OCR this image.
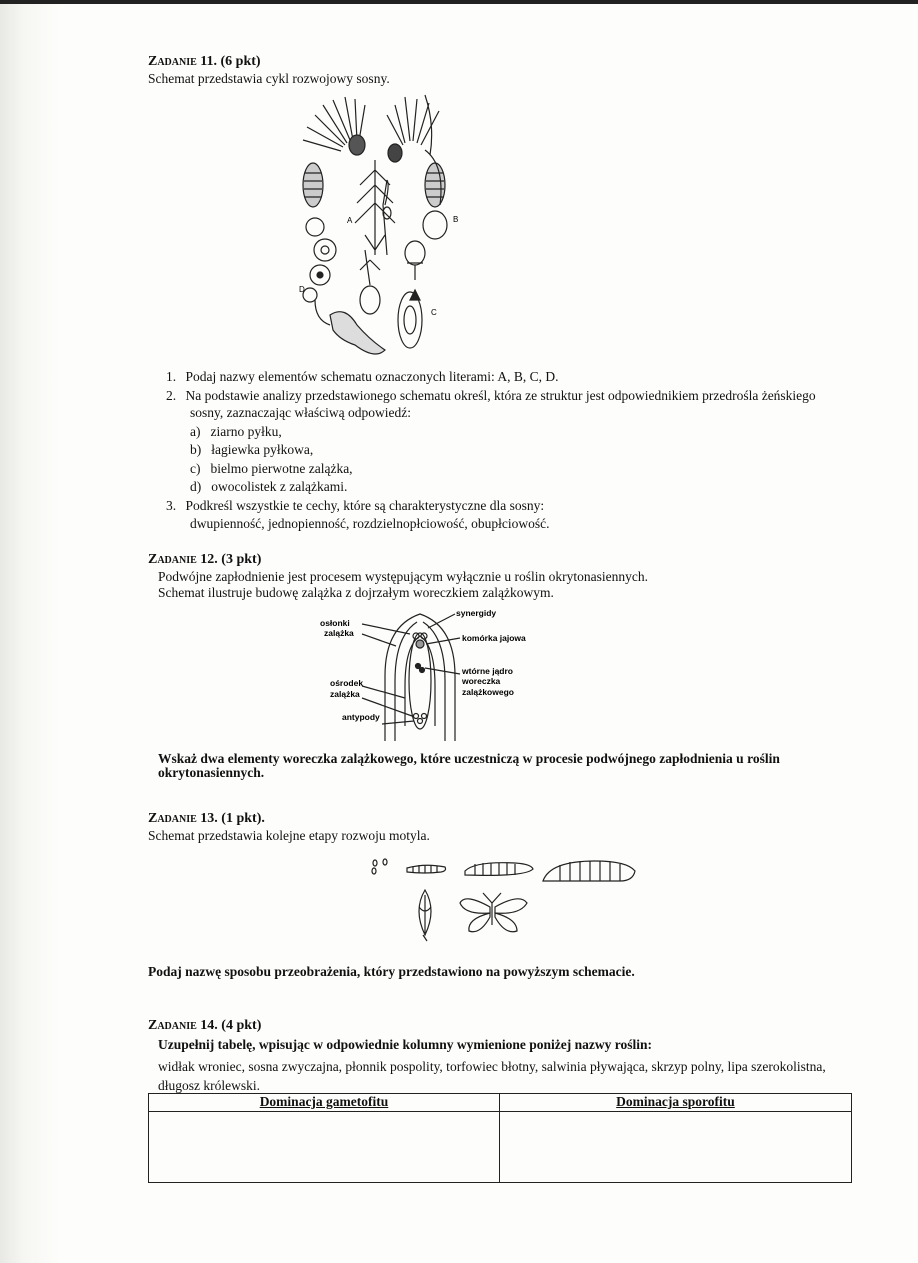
Zadanie 11. (6 pkt)
Schemat przedstawia cykl rozwojowy sosny.
A	B
C
D
1. Podaj nazwy elementów schematu oznaczonych literami: A, B, C, D.
2. Na podstawie analizy przedstawionego schematu określ, która ze struktur jest odpowiednikiem przedrośla żeńskiego
sosny, zaznaczając właściwą odpowiedź:
a) ziarno pyłku,
b) łagiewka pyłkowa,
c) bielmo pierwotne zalążka,
d) owocolistek z zalążkami.
3. Podkreśl wszystkie te cechy, które są charakterystyczne dla sosny:
dwupienność, jednopienność, rozdzielnopłciowość, obupłciowość.
Zadanie 12. (3 pkt)
Podwójne zapłodnienie jest procesem występującym wyłącznie u roślin okrytonasiennych.
Schemat ilustruje budowę zalążka z dojrzałym woreczkiem zalążkowym.
osłonki
zalążka
synergidy
komórka jajowa
wtórne jądro
woreczka
zalążkowego
ośrodek
zalążka
antypody
Wskaż dwa elementy woreczka zalążkowego, które uczestniczą w procesie podwójnego zapłodnienia u roślin okrytonasiennych.
Zadanie 13. (1 pkt).
Schemat przedstawia kolejne etapy rozwoju motyla.
Podaj nazwę sposobu przeobrażenia, który przedstawiono na powyższym schemacie.
Zadanie 14. (4 pkt)
Uzupełnij tabelę, wpisując w odpowiednie kolumny wymienione poniżej nazwy roślin:
widłak wroniec, sosna zwyczajna, płonnik pospolity, torfowiec błotny, salwinia pływająca, skrzyp polny, lipa szerokolistna, długosz królewski.
Dominacja gametofitu	Dominacja sporofitu
